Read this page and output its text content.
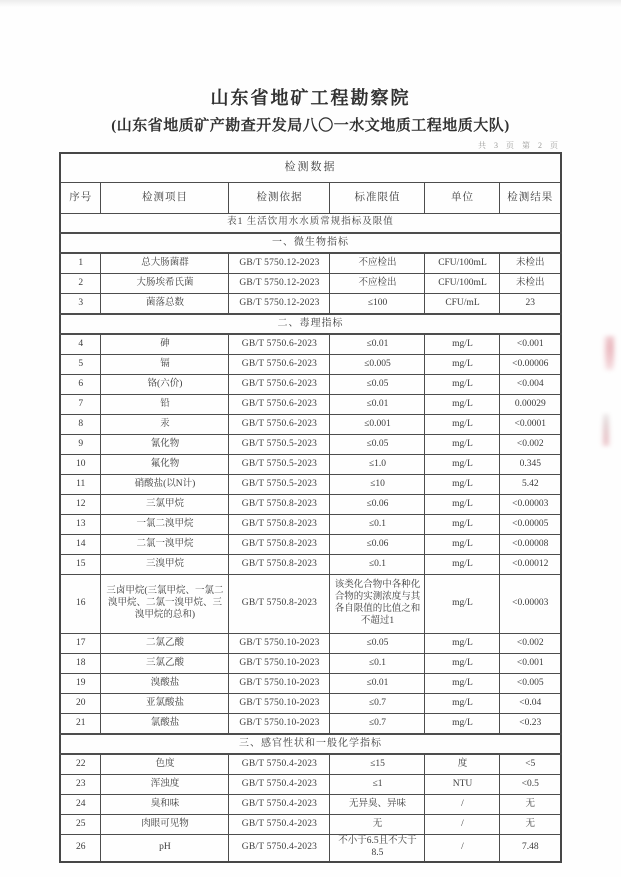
山东省地矿工程勘察院
(山东省地质矿产勘查开发局八〇一水文地质工程地质大队)
共 3 页 第 2 页
检测数据					
序号	检测项目	检测依据	标准限值	单位	检测结果
表1 生活饮用水水质常规指标及限值					
一、微生物指标					
1	总大肠菌群	GB/T 5750.12-2023	不应检出	CFU/100mL	未检出
2	大肠埃希氏菌	GB/T 5750.12-2023	不应检出	CFU/100mL	未检出
3	菌落总数	GB/T 5750.12-2023	≤100	CFU/mL	23
二、毒理指标					
4	砷	GB/T 5750.6-2023	≤0.01	mg/L	<0.001
5	镉	GB/T 5750.6-2023	≤0.005	mg/L	<0.00006
6	铬(六价)	GB/T 5750.6-2023	≤0.05	mg/L	<0.004
7	铅	GB/T 5750.6-2023	≤0.01	mg/L	0.00029
8	汞	GB/T 5750.6-2023	≤0.001	mg/L	<0.0001
9	氰化物	GB/T 5750.5-2023	≤0.05	mg/L	<0.002
10	氟化物	GB/T 5750.5-2023	≤1.0	mg/L	0.345
11	硝酸盐(以N计)	GB/T 5750.5-2023	≤10	mg/L	5.42
12	三氯甲烷	GB/T 5750.8-2023	≤0.06	mg/L	<0.00003
13	一氯二溴甲烷	GB/T 5750.8-2023	≤0.1	mg/L	<0.00005
14	二氯一溴甲烷	GB/T 5750.8-2023	≤0.06	mg/L	<0.00008
15	三溴甲烷	GB/T 5750.8-2023	≤0.1	mg/L	<0.00012
16	三卤甲烷(三氯甲烷、一氯二溴甲烷、二氯一溴甲烷、三溴甲烷的总和)	GB/T 5750.8-2023	该类化合物中各种化合物的实测浓度与其各自限值的比值之和不超过1	mg/L	<0.00003
17	二氯乙酸	GB/T 5750.10-2023	≤0.05	mg/L	<0.002
18	三氯乙酸	GB/T 5750.10-2023	≤0.1	mg/L	<0.001
19	溴酸盐	GB/T 5750.10-2023	≤0.01	mg/L	<0.005
20	亚氯酸盐	GB/T 5750.10-2023	≤0.7	mg/L	<0.04
21	氯酸盐	GB/T 5750.10-2023	≤0.7	mg/L	<0.23
三、感官性状和一般化学指标					
22	色度	GB/T 5750.4-2023	≤15	度	<5
23	浑浊度	GB/T 5750.4-2023	≤1	NTU	<0.5
24	臭和味	GB/T 5750.4-2023	无异臭、异味	/	无
25	肉眼可见物	GB/T 5750.4-2023	无	/	无
26	pH	GB/T 5750.4-2023	不小于6.5且不大于8.5	/	7.48
